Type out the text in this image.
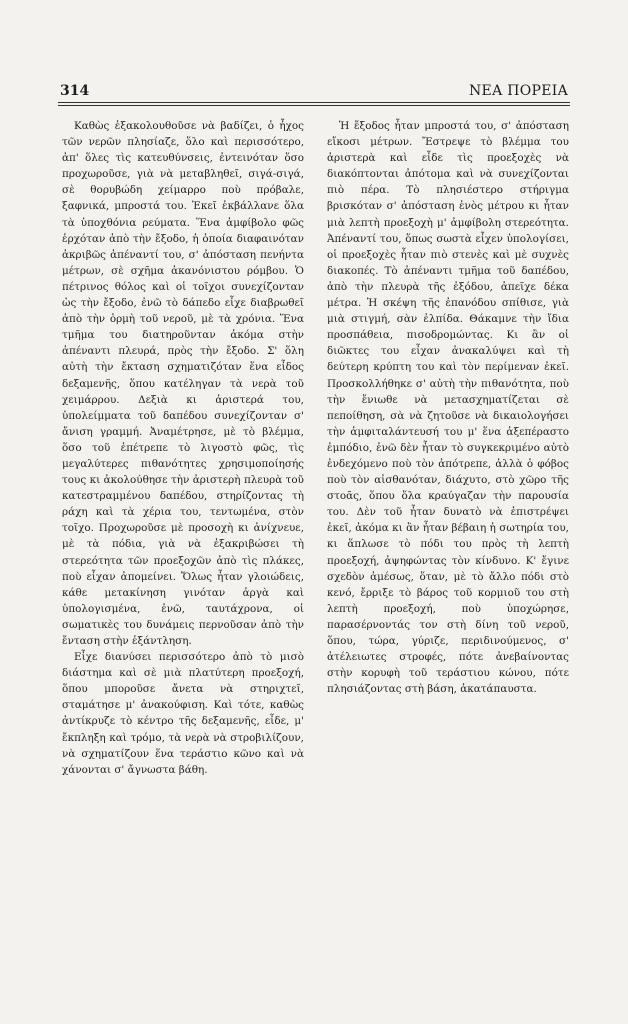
314	ΝΕΑ ΠΟΡΕΙΑ

Καθὼς ἐξακολουθοῦσε νὰ βαδίζει, ὁ ἦχος τῶν νερῶν πλησίαζε, ὅλο καὶ περισσότερο, ἀπ' ὅλες τὶς κατευθύνσεις, ἐντεινόταν ὅσο προχωροῦσε, γιὰ νὰ μεταβληθεῖ, σιγά-σιγά, σὲ θορυβώδη χείμαρρο ποὺ πρόβαλε, ξαφνικά, μπροστά του. Ἐκεῖ ἐκβάλλανε ὅλα τὰ ὑποχθόνια ρεύματα. Ἕνα ἀμφίβολο φῶς ἐρχόταν ἀπὸ τὴν ἔξοδο, ἡ ὁποία διαφαινόταν ἀκριβῶς ἀπέναντί του, σ' ἀπόσταση πενήντα μέτρων, σὲ σχῆμα ἀκανόνιστου ρόμβου. Ὁ πέτρινος θόλος καὶ οἱ τοῖχοι συνεχίζονταν ὡς τὴν ἔξοδο, ἐνῶ τὸ δάπεδο εἶχε διαβρωθεῖ ἀπὸ τὴν ὁρμὴ τοῦ νεροῦ, μὲ τὰ χρόνια. Ἕνα τμῆμα του διατηροῦνταν ἀκόμα στὴν ἀπέναντι πλευρά, πρὸς τὴν ἔξοδο. Σ' ὅλη αὐτὴ τὴν ἔκταση σχηματιζόταν ἕνα εἶδος δεξαμενῆς, ὅπου κατέληγαν τὰ νερὰ τοῦ χειμάρρου. Δεξιὰ κι ἀριστερά του, ὑπολείμματα τοῦ δαπέδου συνεχίζονταν σ' ἄνιση γραμμή. Ἀναμέτρησε, μὲ τὸ βλέμμα, ὅσο τοῦ ἐπέτρεπε τὸ λιγοστὸ φῶς, τὶς μεγαλύτερες πιθανότητες χρησιμοποίησής τους κι ἀκολούθησε τὴν ἀριστερὴ πλευρὰ τοῦ κατεστραμμένου δαπέδου, στηρίζοντας τὴ ράχη καὶ τὰ χέρια του, τεντωμένα, στὸν τοῖχο. Προχωροῦσε μὲ προσοχὴ κι ἀνίχνευε, μὲ τὰ πόδια, γιὰ νὰ ἐξακριβώσει τὴ στερεότητα τῶν προεξοχῶν ἀπὸ τὶς πλάκες, ποὺ εἶχαν ἀπομείνει. Ὅλως ἦταν γλοιώδεις, κάθε μετακίνηση γινόταν ἀργὰ καὶ ὑπολογισμένα, ἐνῶ, ταυτάχρονα, οἱ σωματικὲς του δυνάμεις περνοῦσαν ἀπὸ τὴν ἔνταση στὴν ἐξάντληση.

Εἶχε διανύσει περισσότερο ἀπὸ τὸ μισὸ διάστημα καὶ σὲ μιὰ πλατύτερη προεξοχή, ὅπου μποροῦσε ἄνετα νὰ στηριχτεῖ, σταμάτησε μ' ἀνακούφιση. Καὶ τότε, καθὼς ἀντίκρυζε τὸ κέντρο τῆς δεξαμενῆς, εἶδε, μ' ἔκπληξη καὶ τρόμο, τὰ νερὰ νὰ στροβιλίζουν, νὰ σχηματίζουν ἕνα τεράστιο κῶνο καὶ νὰ χάνονται σ' ἄγνωστα βάθη.

Ἡ ἔξοδος ἦταν μπροστά του, σ' ἀπόσταση εἴκοσι μέτρων. Ἔστρεψε τὸ βλέμμα του ἀριστερὰ καὶ εἶδε τὶς προεξοχὲς νὰ διακόπτονται ἀπότομα καὶ νὰ συνεχίζονται πιὸ πέρα. Τὸ πλησιέστερο στήριγμα βρισκόταν σ' ἀπόσταση ἑνὸς μέτρου κι ἦταν μιὰ λεπτὴ προεξοχὴ μ' ἀμφίβολη στερεότητα. Ἀπέναντί του, ὅπως σωστὰ εἶχεν ὑπολογίσει, οἱ προεξοχὲς ἦταν πιὸ στενὲς καὶ μὲ συχνὲς διακοπές. Τὸ ἀπέναντι τμῆμα τοῦ δαπέδου, ἀπὸ τὴν πλευρὰ τῆς ἐξόδου, ἀπεῖχε δέκα μέτρα. Ἡ σκέψη τῆς ἐπανόδου σπίθισε, γιὰ μιὰ στιγμή, σὰν ἐλπίδα. Θάκαμνε τὴν ἴδια προσπάθεια, πισοδρομώντας. Κι ἂν οἱ διῶκτες του εἶχαν ἀνακαλύψει καὶ τὴ δεύτερη κρύπτη του καὶ τὸν περίμεναν ἐκεῖ. Προσκολλήθηκε σ' αὐτὴ τὴν πιθανότητα, ποὺ τὴν ἔνιωθε νὰ μετασχηματίζεται σὲ πεποίθηση, σὰ νὰ ζητοῦσε νὰ δικαιολογήσει τὴν ἀμφιταλάντευσή του μ' ἕνα ἀξεπέραστο ἐμπόδιο, ἐνῶ δὲν ἦταν τὸ συγκεκριμένο αὐτὸ ἐνδεχόμενο ποὺ τὸν ἀπότρεπε, ἀλλὰ ὁ φόβος ποὺ τὸν αἰσθανόταν, διάχυτο, στὸ χῶρο τῆς στοᾶς, ὅπου ὅλα κραύγαζαν τὴν παρουσία του. Δὲν τοῦ ἦταν δυνατὸ νὰ ἐπιστρέψει ἐκεῖ, ἀκόμα κι ἂν ἦταν βέβαιη ἡ σωτηρία του, κι ἅπλωσε τὸ πόδι του πρὸς τὴ λεπτὴ προεξοχή, ἀψηφώντας τὸν κίνδυνο. Κ' ἔγινε σχεδὸν ἀμέσως, ὅταν, μὲ τὸ ἄλλο πόδι στὸ κενό, ἔρριξε τὸ βάρος τοῦ κορμιοῦ του στὴ λεπτὴ προεξοχή, ποὺ ὑποχώρησε, παρασέρνοντάς τον στὴ δίνη τοῦ νεροῦ, ὅπου, τώρα, γύριζε, περιδινούμενος, σ' ἀτέλειωτες στροφές, πότε ἀνεβαίνοντας στὴν κορυφὴ τοῦ τεράστιου κώνου, πότε πλησιάζοντας στὴ βάση, ἀκατάπαυστα.
